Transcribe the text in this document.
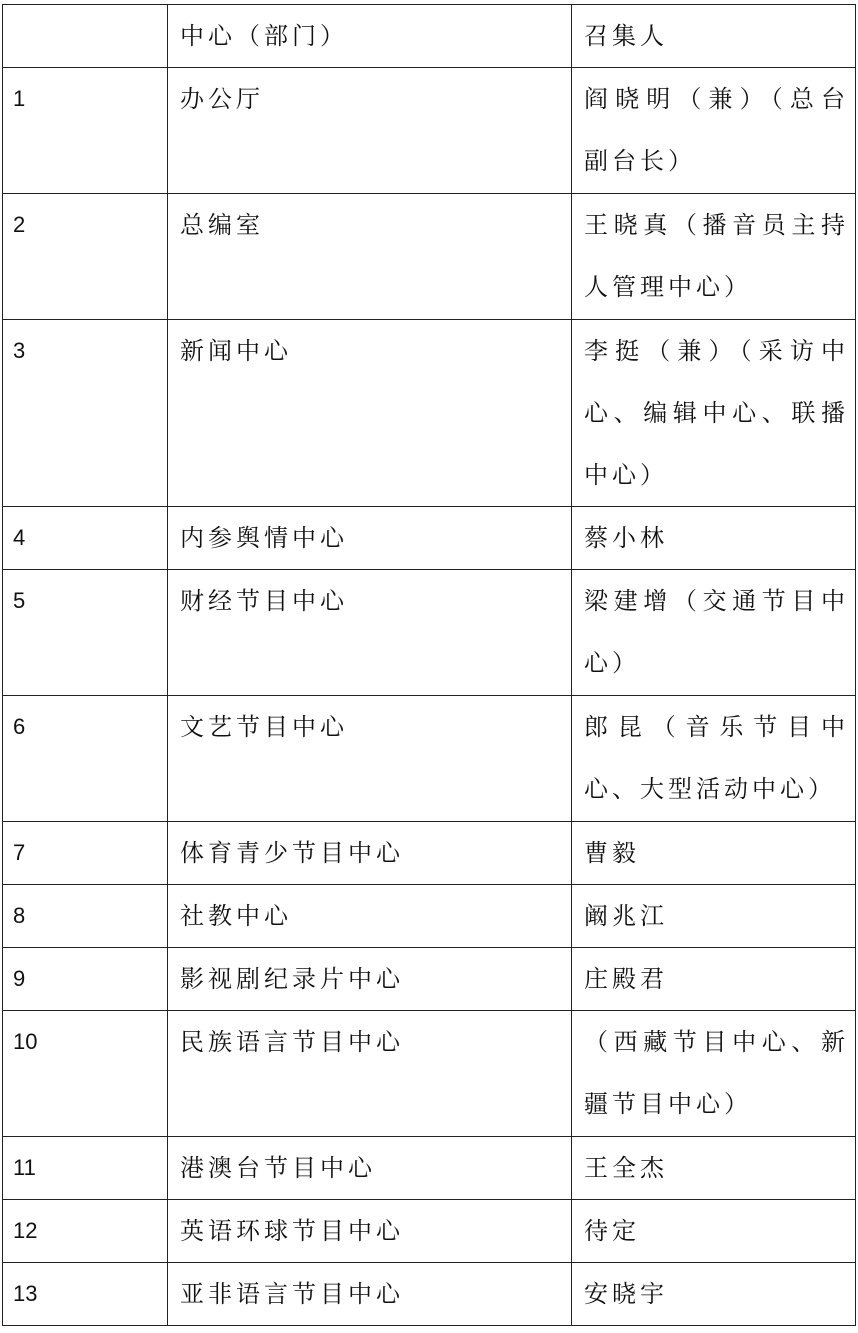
	中心（部门）	召集人

1	办公厅	阎晓明（兼）（总台副台长）

2	总编室	王晓真（播音员主持人管理中心）

3	新闻中心	李挺（兼）（采访中心、编辑中心、联播中心）

4	内参舆情中心	蔡小林

5	财经节目中心	梁建增（交通节目中心）

6	文艺节目中心	郎昆（音乐节目中心、大型活动中心）

7	体育青少节目中心	曹毅

8	社教中心	阚兆江

9	影视剧纪录片中心	庄殿君

10	民族语言节目中心	（西藏节目中心、新疆节目中心）

11	港澳台节目中心	王全杰

12	英语环球节目中心	待定

13	亚非语言节目中心	安晓宇
